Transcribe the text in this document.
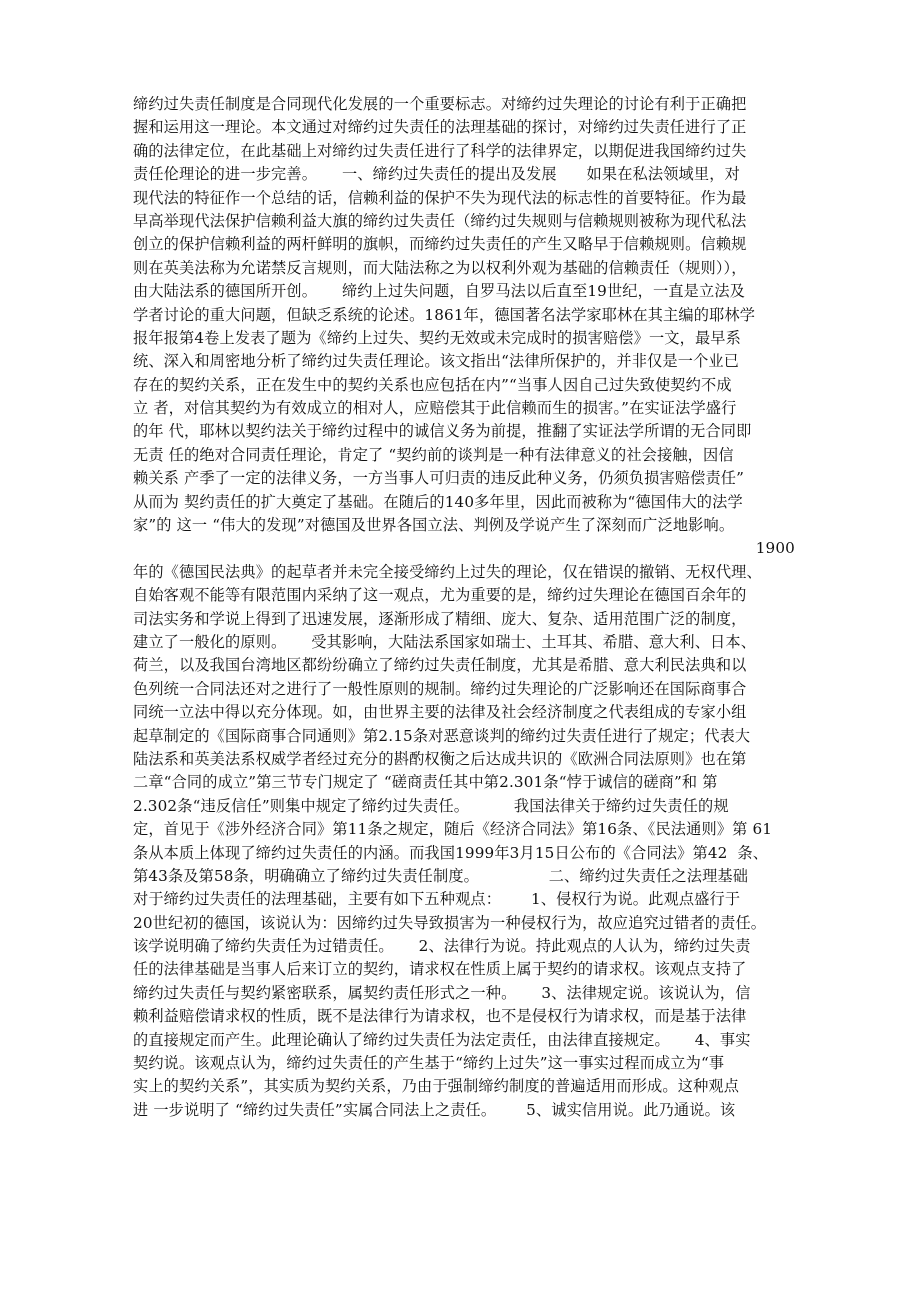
缔约过失责任制度是合同现代化发展的一个重要标志。对缔约过失理论的讨论有利于正确把
握和运用这一理论。本文通过对缔约过失责任的法理基础的探讨，对缔约过失责任进行了正
确的法律定位，在此基础上对缔约过失责任进行了科学的法律界定，以期促进我国缔约过失
责任伦理论的进一步完善。     一、缔约过失责任的提出及发展      如果在私法领域里，对
现代法的特征作一个总结的话，信赖利益的保护不失为现代法的标志性的首要特征。作为最
早高举现代法保护信赖利益大旗的缔约过失责任（缔约过失规则与信赖规则被称为现代私法
创立的保护信赖利益的两杆鲜明的旗帜，而缔约过失责任的产生又略早于信赖规则。信赖规
则在英美法称为允诺禁反言规则，而大陆法称之为以权利外观为基础的信赖责任（规则）），
由大陆法系的德国所开创。     缔约上过失问题，自罗马法以后直至19世纪，一直是立法及
学者讨论的重大问题，但缺乏系统的论述。1861年，德国著名法学家耶林在其主编的耶林学
报年报第4卷上发表了题为《缔约上过失、契约无效或未完成时的损害赔偿》一文，最早系
统、深入和周密地分析了缔约过失责任理论。该文指出“法律所保护的，并非仅是一个业已
存在的契约关系，正在发生中的契约关系也应包括在内”“当事人因自己过失致使契约不成
立 者，对信其契约为有效成立的相对人，应赔偿其于此信赖而生的损害。”在实证法学盛行
的年 代，耶林以契约法关于缔约过程中的诚信义务为前提，推翻了实证法学所谓的无合同即
无责 任的绝对合同责任理论，肯定了 “契约前的谈判是一种有法律意义的社会接触，因信
赖关系 产季了一定的法律义务，一方当事人可归责的违反此种义务，仍须负损害赔偿责任”
从而为 契约责任的扩大奠定了基础。在随后的140多年里，因此而被称为“德国伟大的法学
家”的 这一 “伟大的发现”对德国及世界各国立法、判例及学说产生了深刻而广泛地影响。
1900
年的《德国民法典》的起草者并未完全接受缔约上过失的理论，仅在错误的撤销、无权代理、
自始客观不能等有限范围内采纳了这一观点，尤为重要的是，缔约过失理论在德国百余年的
司法实务和学说上得到了迅速发展，逐渐形成了精细、庞大、复杂、适用范围广泛的制度，
建立了一般化的原则。     受其影响，大陆法系国家如瑞士、土耳其、希腊、意大利、日本、
荷兰，以及我国台湾地区都纷纷确立了缔约过失责任制度，尤其是希腊、意大利民法典和以
色列统一合同法还对之进行了一般性原则的规制。缔约过失理论的广泛影响还在国际商事合
同统一立法中得以充分体现。如，由世界主要的法律及社会经济制度之代表组成的专家小组
起草制定的《国际商事合同通则》第2.15条对恶意谈判的缔约过失责任进行了规定；代表大
陆法系和英美法系权威学者经过充分的斟酌权衡之后达成共识的《欧洲合同法原则》也在第
二章“合同的成立”第三节专门规定了 “磋商责任其中第2.301条“悖于诚信的磋商”和 第
2.302条“违反信任”则集中规定了缔约过失责任。         我国法律关于缔约过失责任的规
定，首见于《涉外经济合同》第11条之规定，随后《经济合同法》第16条、《民法通则》第 61
条从本质上体现了缔约过失责任的内涵。而我国1999年3月15日公布的《合同法》第42  条、
第43条及第58条，明确确立了缔约过失责任制度。              二、缔约过失责任之法理基础
对于缔约过失责任的法理基础，主要有如下五种观点：      1、侵权行为说。此观点盛行于
20世纪初的德国，该说认为：因缔约过失导致损害为一种侵权行为，故应追究过错者的责任。
该学说明确了缔约失责任为过错责任。     2、法律行为说。持此观点的人认为，缔约过失责
任的法律基础是当事人后来订立的契约，请求权在性质上属于契约的请求权。该观点支持了
缔约过失责任与契约紧密联系，属契约责任形式之一种。     3、法律规定说。该说认为，信
赖利益赔偿请求权的性质，既不是法律行为请求权，也不是侵权行为请求权，而是基于法律
的直接规定而产生。此理论确认了缔约过失责任为法定责任，由法律直接规定。     4、事实
契约说。该观点认为，缔约过失责任的产生基于“缔约上过失”这一事实过程而成立为“事
实上的契约关系”，其实质为契约关系，乃由于强制缔约制度的普遍适用而形成。这种观点
进 一步说明了 “缔约过失责任”实属合同法上之责任。      5、诚实信用说。此乃通说。该
